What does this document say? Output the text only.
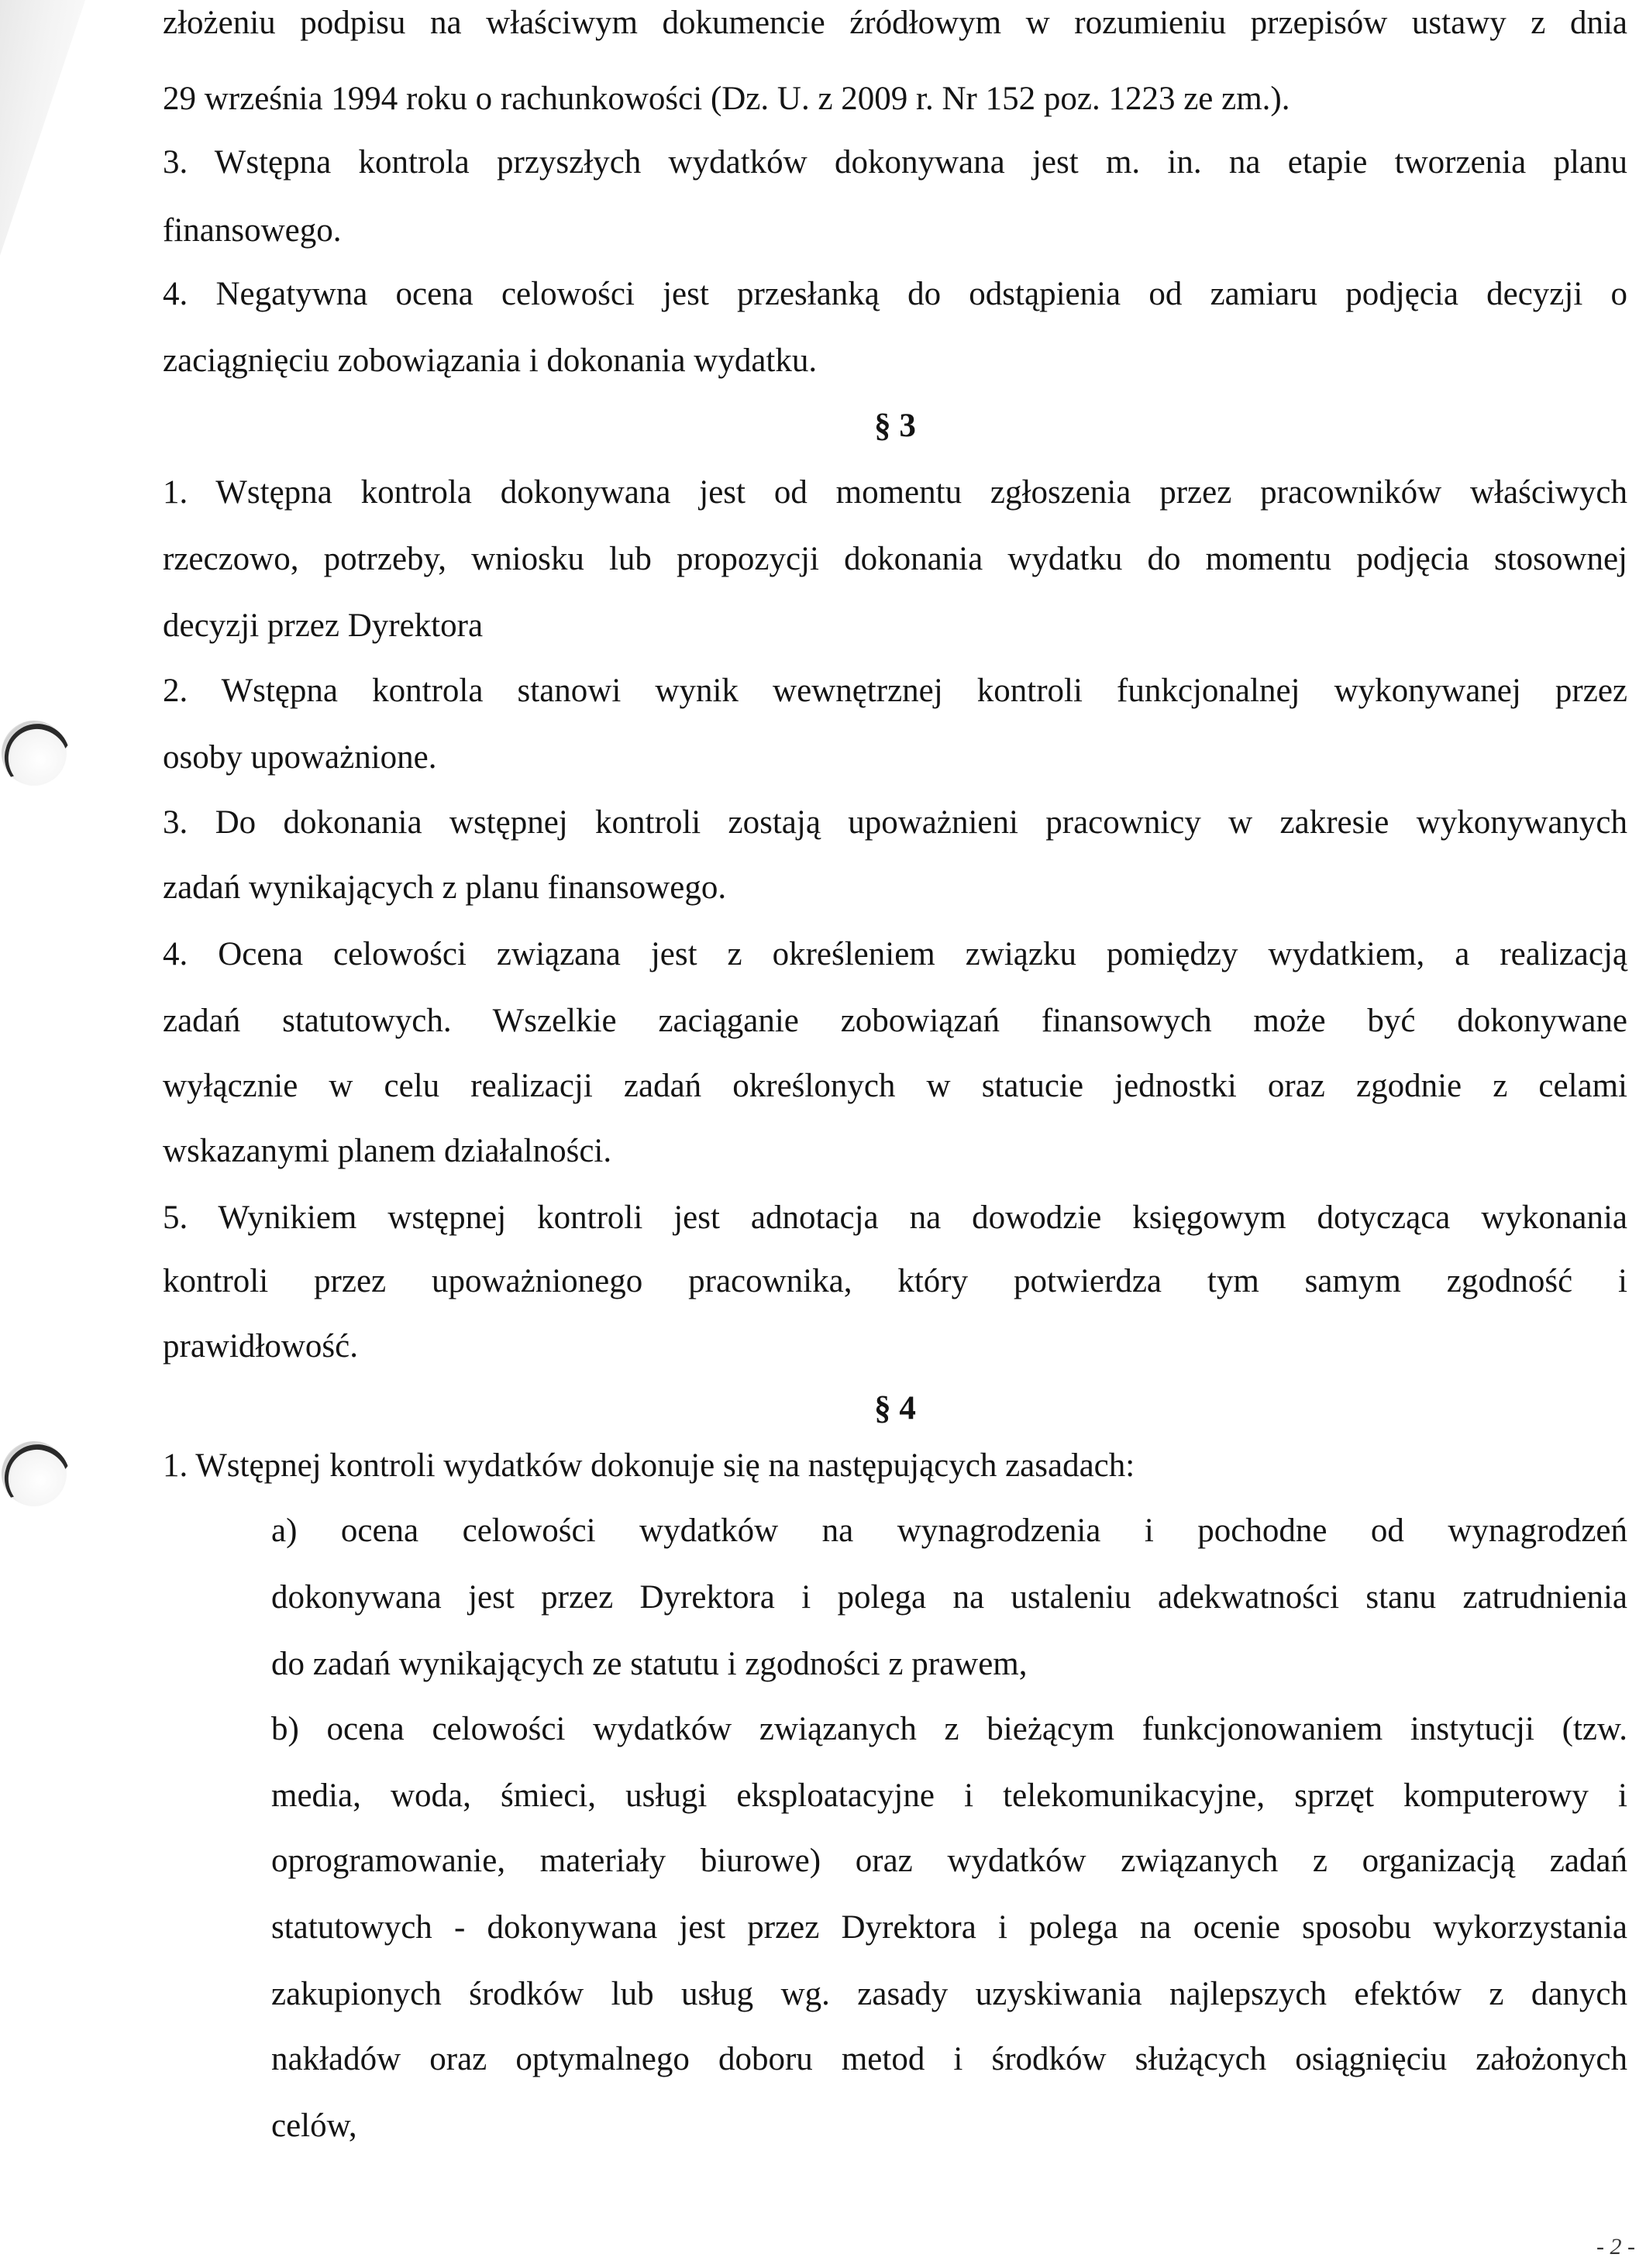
złożeniu podpisu na właściwym dokumencie źródłowym w rozumieniu przepisów ustawy z dnia
29 września 1994 roku o rachunkowości (Dz. U. z 2009 r. Nr 152 poz. 1223 ze zm.).
3. Wstępna kontrola przyszłych wydatków dokonywana jest m. in. na etapie tworzenia planu
finansowego.
4. Negatywna ocena celowości jest przesłanką do odstąpienia od zamiaru podjęcia decyzji o
zaciągnięciu zobowiązania i dokonania wydatku.
§ 3
1. Wstępna kontrola dokonywana jest od momentu zgłoszenia przez pracowników właściwych
rzeczowo, potrzeby, wniosku lub propozycji dokonania wydatku do momentu podjęcia stosownej
decyzji przez Dyrektora
2. Wstępna kontrola stanowi wynik wewnętrznej kontroli funkcjonalnej wykonywanej przez
osoby upoważnione.
3. Do dokonania wstępnej kontroli zostają upoważnieni pracownicy w zakresie wykonywanych
zadań wynikających z planu finansowego.
4. Ocena celowości związana jest z określeniem związku pomiędzy wydatkiem, a realizacją
zadań statutowych. Wszelkie zaciąganie zobowiązań finansowych może być dokonywane
wyłącznie w celu realizacji zadań określonych w statucie jednostki oraz zgodnie z celami
wskazanymi planem działalności.
5. Wynikiem wstępnej kontroli jest adnotacja na dowodzie księgowym dotycząca wykonania
kontroli przez upoważnionego pracownika, który potwierdza tym samym zgodność i
prawidłowość.
§ 4
1. Wstępnej kontroli wydatków dokonuje się na następujących zasadach:
a) ocena celowości wydatków na wynagrodzenia i pochodne od wynagrodzeń
dokonywana jest przez Dyrektora i polega na ustaleniu adekwatności stanu zatrudnienia
do zadań wynikających ze statutu i zgodności z prawem,
b) ocena celowości wydatków związanych z bieżącym funkcjonowaniem instytucji (tzw.
media, woda, śmieci, usługi eksploatacyjne i telekomunikacyjne, sprzęt komputerowy i
oprogramowanie, materiały biurowe) oraz wydatków związanych z organizacją zadań
statutowych - dokonywana jest przez Dyrektora i polega na ocenie sposobu wykorzystania
zakupionych środków lub usług wg. zasady uzyskiwania najlepszych efektów z danych
nakładów oraz optymalnego doboru metod i środków służących osiągnięciu założonych
celów,
- 2 -
